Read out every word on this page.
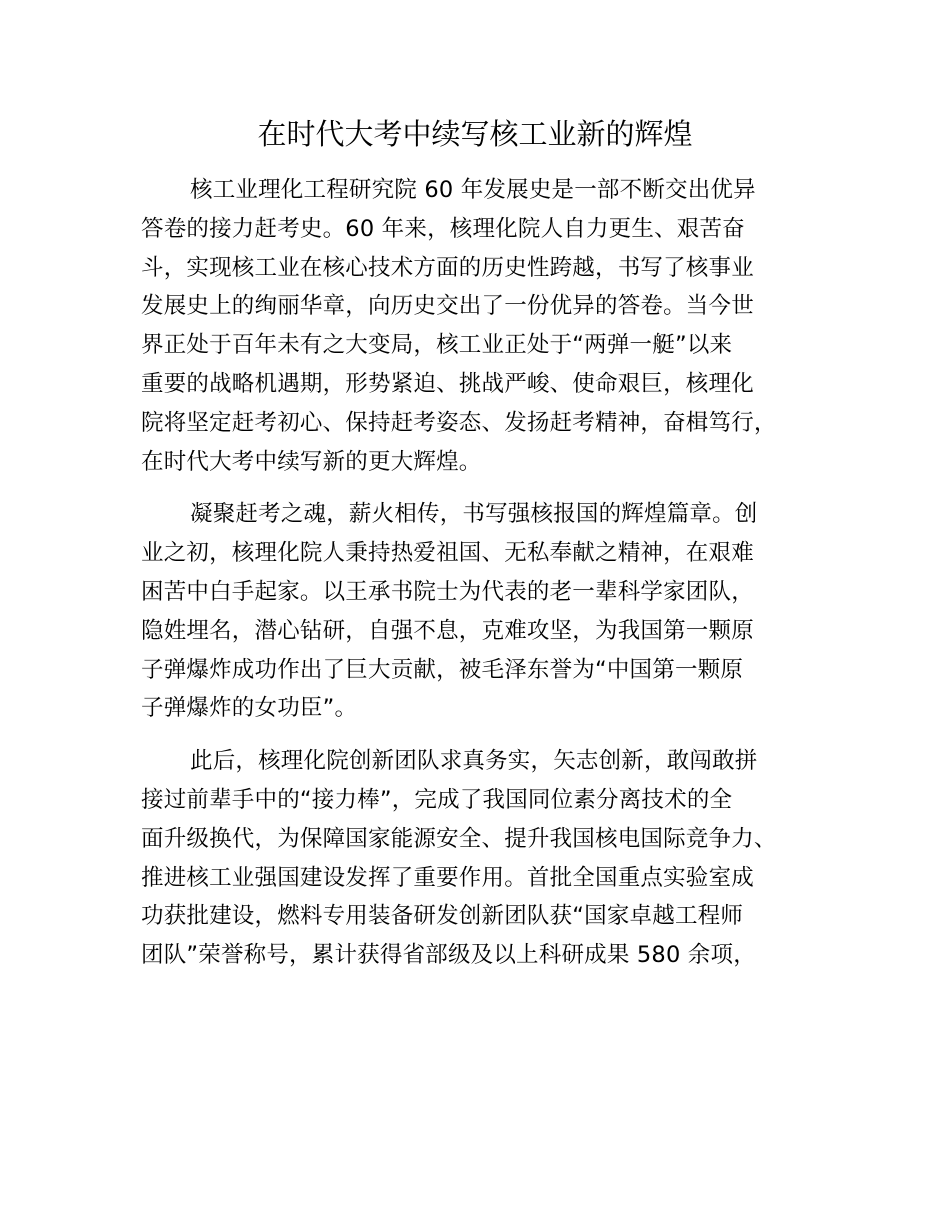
在时代大考中续写核工业新的辉煌

核工业理化工程研究院 60 年发展史是一部不断交出优异
答卷的接力赶考史。60 年来，核理化院人自力更生、艰苦奋
斗，实现核工业在核心技术方面的历史性跨越，书写了核事业
发展史上的绚丽华章，向历史交出了一份优异的答卷。当今世
界正处于百年未有之大变局，核工业正处于“两弹一艇”以来
重要的战略机遇期，形势紧迫、挑战严峻、使命艰巨，核理化
院将坚定赶考初心、保持赶考姿态、发扬赶考精神，奋楫笃行，
在时代大考中续写新的更大辉煌。

凝聚赶考之魂，薪火相传，书写强核报国的辉煌篇章。创
业之初，核理化院人秉持热爱祖国、无私奉献之精神，在艰难
困苦中白手起家。以王承书院士为代表的老一辈科学家团队，
隐姓埋名，潜心钻研，自强不息，克难攻坚，为我国第一颗原
子弹爆炸成功作出了巨大贡献，被毛泽东誉为“中国第一颗原
子弹爆炸的女功臣”。

此后，核理化院创新团队求真务实，矢志创新，敢闯敢拼
接过前辈手中的“接力棒”，完成了我国同位素分离技术的全
面升级换代，为保障国家能源安全、提升我国核电国际竞争力、
推进核工业强国建设发挥了重要作用。首批全国重点实验室成
功获批建设，燃料专用装备研发创新团队获“国家卓越工程师
团队”荣誉称号，累计获得省部级及以上科研成果 580 余项，
